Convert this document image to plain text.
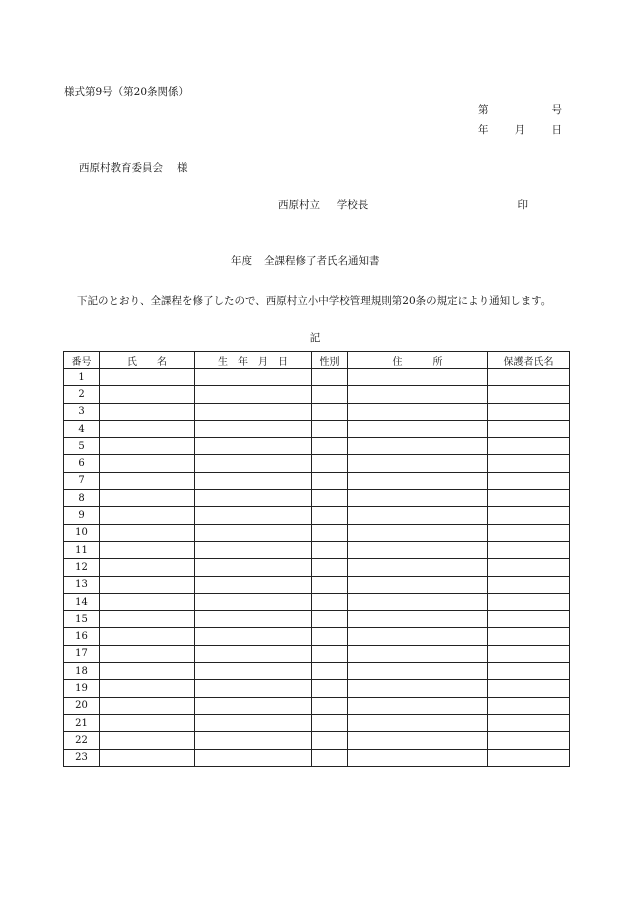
様式第9号（第20条関係）
第	号
年	月	日
西原村教育委員会 様
西原村立	学校長	印
年度 全課程修了者氏名通知書
下記のとおり、全課程を修了したので、西原村立小中学校管理規則第20条の規定により通知します。
記
番号	氏　　名	生　年　月　日	性別	住　　　所	保護者氏名
1					
2					
3					
4					
5					
6					
7					
8					
9					
10					
11					
12					
13					
14					
15					
16					
17					
18					
19					
20					
21					
22					
23					
